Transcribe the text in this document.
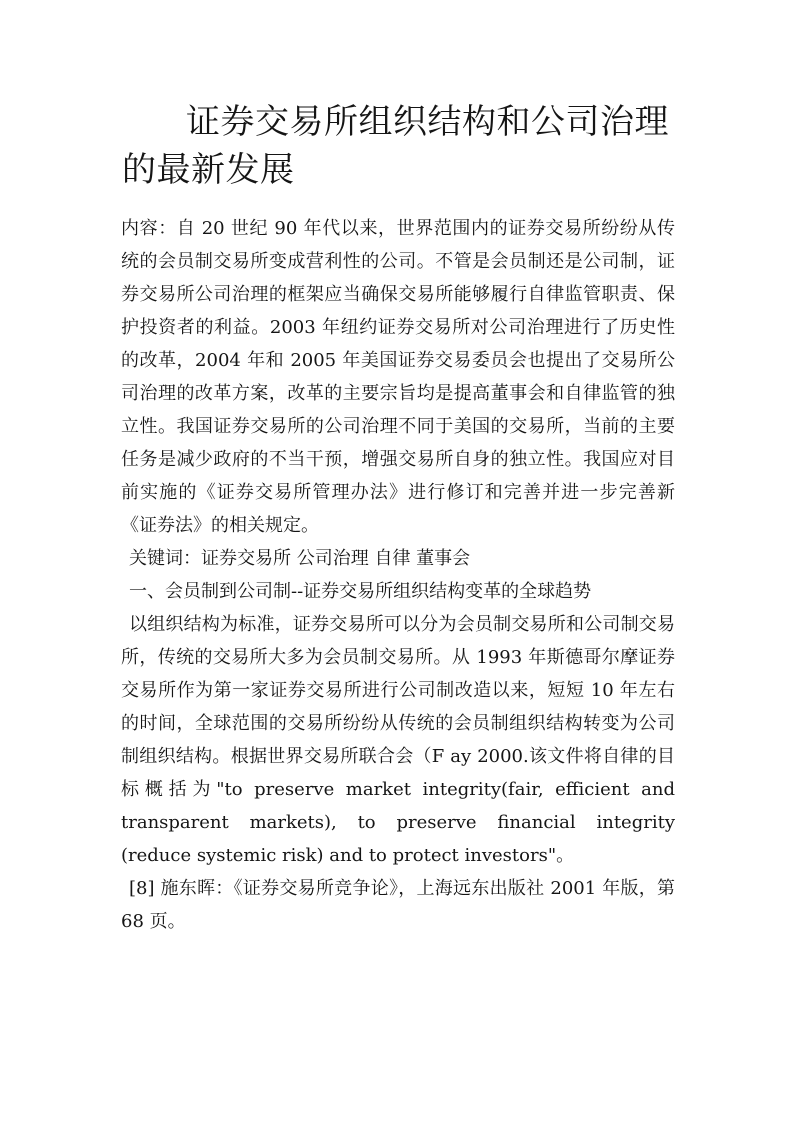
证券交易所组织结构和公司治理的最新发展

内容：自 20 世纪 90 年代以来，世界范围内的证券交易所纷纷从传统的会员制交易所变成营利性的公司。不管是会员制还是公司制，证券交易所公司治理的框架应当确保交易所能够履行自律监管职责、保护投资者的利益。2003 年纽约证券交易所对公司治理进行了历史性的改革，2004 年和 2005 年美国证券交易委员会也提出了交易所公司治理的改革方案，改革的主要宗旨均是提高董事会和自律监管的独立性。我国证券交易所的公司治理不同于美国的交易所，当前的主要任务是减少政府的不当干预，增强交易所自身的独立性。我国应对目前实施的《证券交易所管理办法》进行修订和完善并进一步完善新《证券法》的相关规定。

关键词：证券交易所 公司治理 自律 董事会

一、会员制到公司制--证券交易所组织结构变革的全球趋势

以组织结构为标准，证券交易所可以分为会员制交易所和公司制交易所，传统的交易所大多为会员制交易所。从 1993 年斯德哥尔摩证券交易所作为第一家证券交易所进行公司制改造以来，短短 10 年左右的时间，全球范围的交易所纷纷从传统的会员制组织结构转变为公司制组织结构。根据世界交易所联合会（F ay 2000.该文件将自律的目标概括为"to preserve market integrity(fair, efficient and transparent markets), to preserve financial integrity (reduce systemic risk) and to protect investors"。

[8] 施东晖：《证券交易所竞争论》，上海远东出版社 2001 年版，第 68 页。
